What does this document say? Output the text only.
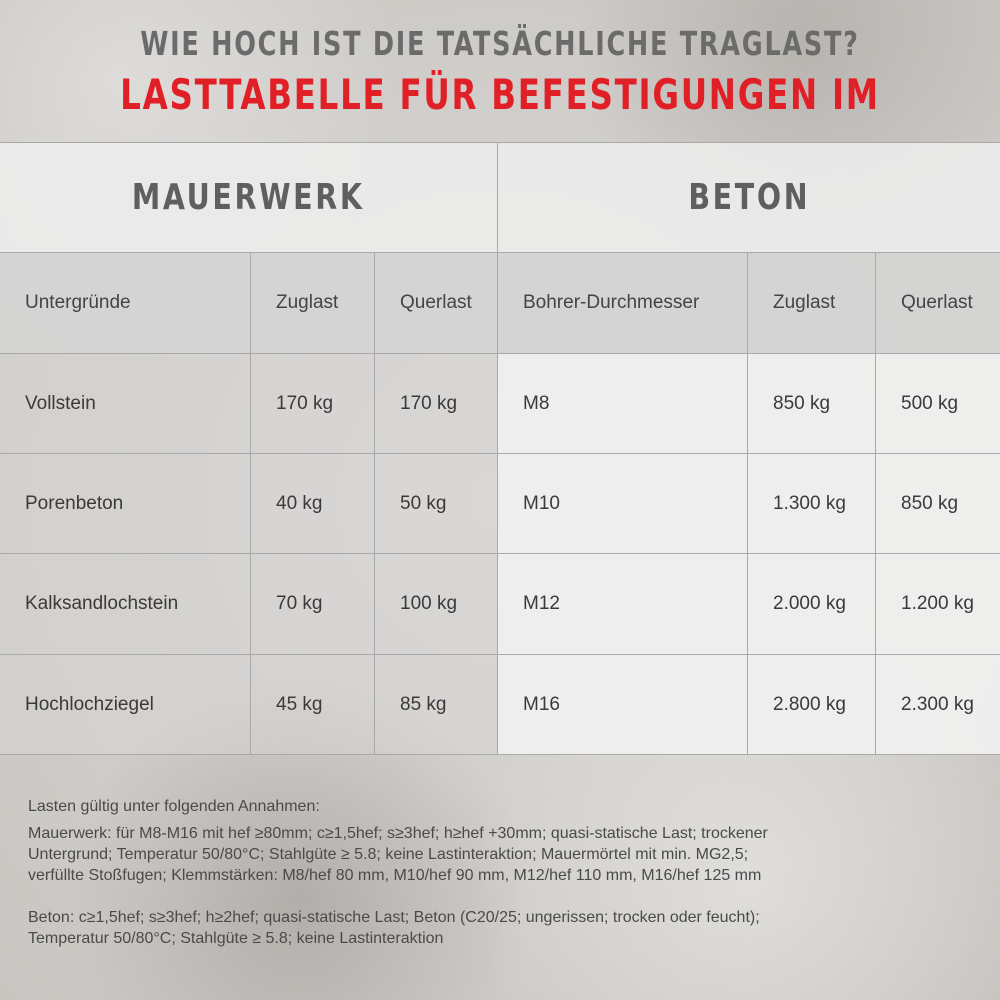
WIE HOCH IST DIE TATSÄCHLICHE TRAGLAST?
LASTTABELLE FÜR BEFESTIGUNGEN IM
MAUERWERK	BETON
Untergründe	Zuglast	Querlast	Bohrer-Durchmesser	Zuglast	Querlast
Vollstein	170 kg	170 kg	M8	850 kg	500 kg
Porenbeton	40 kg	50 kg	M10	1.300 kg	850 kg
Kalksandlochstein	70 kg	100 kg	M12	2.000 kg	1.200 kg
Hochlochziegel	45 kg	85 kg	M16	2.800 kg	2.300 kg

Lasten gültig unter folgenden Annahmen:

Mauerwerk: für M8-M16 mit hef ≥80mm; c≥1,5hef; s≥3hef; h≥hef +30mm; quasi-statische Last; trockener

Untergrund; Temperatur 50/80°C; Stahlgüte ≥ 5.8; keine Lastinteraktion; Mauermörtel mit min. MG2,5;

verfüllte Stoßfugen; Klemmstärken: M8/hef 80 mm, M10/hef 90 mm, M12/hef 110 mm, M16/hef 125 mm

Beton: c≥1,5hef; s≥3hef; h≥2hef; quasi-statische Last; Beton (C20/25; ungerissen; trocken oder feucht);

Temperatur 50/80°C; Stahlgüte ≥ 5.8; keine Lastinteraktion
